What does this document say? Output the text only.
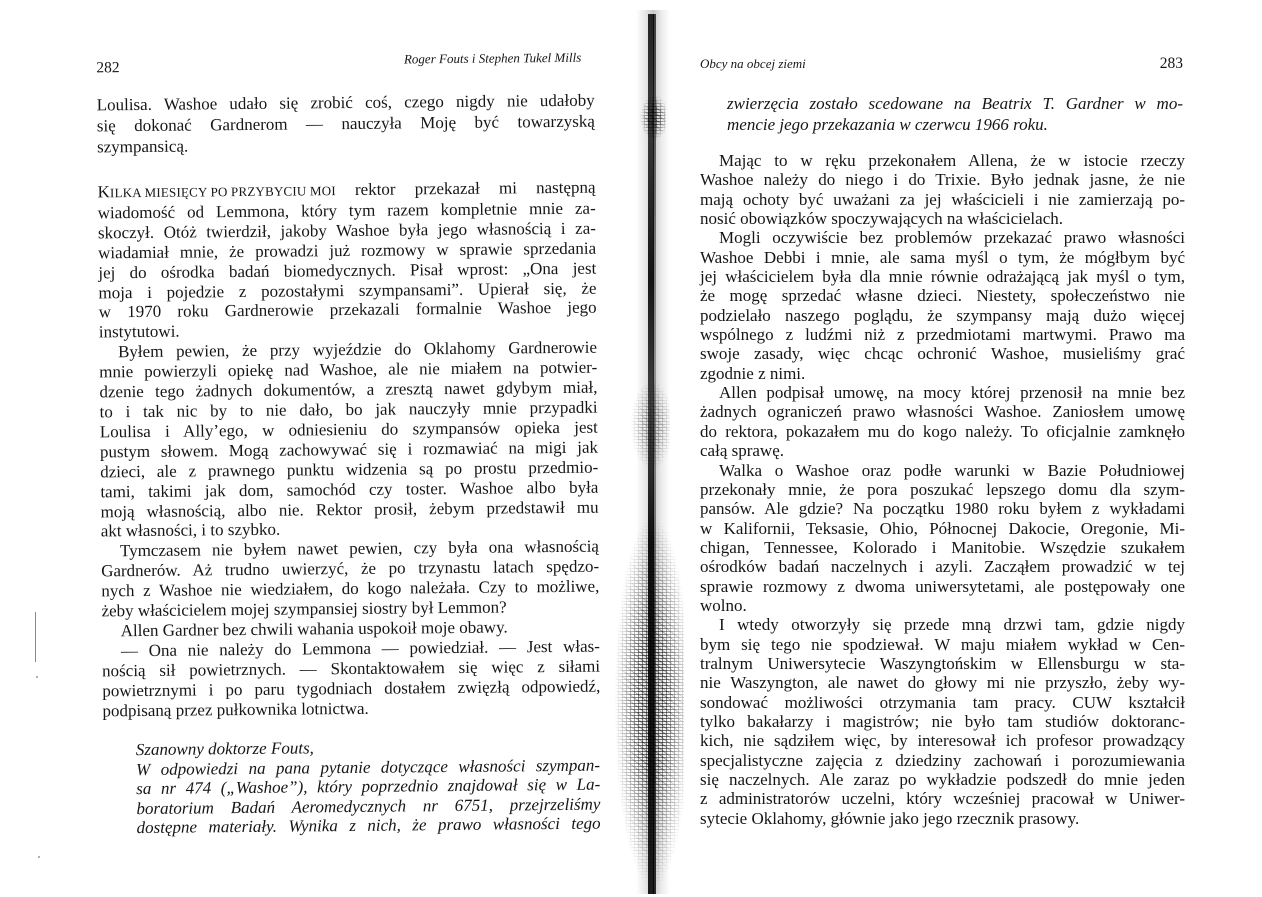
282
Roger Fouts i Stephen Tukel Mills
Loulisa. Washoe udało się zrobić coś, czego nigdy nie udałoby
się dokonać Gardnerom — nauczyła Moję być towarzyską
szympansicą.
KILKA MIESIĘCY PO PRZYBYCIU MOI rektor przekazał mi następną
wiadomość od Lemmona, który tym razem kompletnie mnie za-
skoczył. Otóż twierdził, jakoby Washoe była jego własnością i za-
wiadamiał mnie, że prowadzi już rozmowy w sprawie sprzedania
jej do ośrodka badań biomedycznych. Pisał wprost: „Ona jest
moja i pojedzie z pozostałymi szympansami”. Upierał się, że
w 1970 roku Gardnerowie przekazali formalnie Washoe jego
instytutowi.
Byłem pewien, że przy wyjeździe do Oklahomy Gardnerowie
mnie powierzyli opiekę nad Washoe, ale nie miałem na potwier-
dzenie tego żadnych dokumentów, a zresztą nawet gdybym miał,
to i tak nic by to nie dało, bo jak nauczyły mnie przypadki
Loulisa i Ally’ego, w odniesieniu do szympansów opieka jest
pustym słowem. Mogą zachowywać się i rozmawiać na migi jak
dzieci, ale z prawnego punktu widzenia są po prostu przedmio-
tami, takimi jak dom, samochód czy toster. Washoe albo była
moją własnością, albo nie. Rektor prosił, żebym przedstawił mu
akt własności, i to szybko.
Tymczasem nie byłem nawet pewien, czy była ona własnością
Gardnerów. Aż trudno uwierzyć, że po trzynastu latach spędzo-
nych z Washoe nie wiedziałem, do kogo należała. Czy to możliwe,
żeby właścicielem mojej szympansiej siostry był Lemmon?
Allen Gardner bez chwili wahania uspokoił moje obawy.
— Ona nie należy do Lemmona — powiedział. — Jest włas-
nością sił powietrznych. — Skontaktowałem się więc z siłami
powietrznymi i po paru tygodniach dostałem zwięzłą odpowiedź,
podpisaną przez pułkownika lotnictwa.
Szanowny doktorze Fouts,
W odpowiedzi na pana pytanie dotyczące własności szympan-
sa nr 474 („Washoe”), który poprzednio znajdował się w La-
boratorium Badań Aeromedycznych nr 6751, przejrzeliśmy
dostępne materiały. Wynika z nich, że prawo własności tego
Obcy na obcej ziemi	283
zwierzęcia zostało scedowane na Beatrix T. Gardner w mo-
mencie jego przekazania w czerwcu 1966 roku.
Mając to w ręku przekonałem Allena, że w istocie rzeczy
Washoe należy do niego i do Trixie. Było jednak jasne, że nie
mają ochoty być uważani za jej właścicieli i nie zamierzają po-
nosić obowiązków spoczywających na właścicielach.
Mogli oczywiście bez problemów przekazać prawo własności
Washoe Debbi i mnie, ale sama myśl o tym, że mógłbym być
jej właścicielem była dla mnie równie odrażającą jak myśl o tym,
że mogę sprzedać własne dzieci. Niestety, społeczeństwo nie
podzielało naszego poglądu, że szympansy mają dużo więcej
wspólnego z ludźmi niż z przedmiotami martwymi. Prawo ma
swoje zasady, więc chcąc ochronić Washoe, musieliśmy grać
zgodnie z nimi.
Allen podpisał umowę, na mocy której przenosił na mnie bez
żadnych ograniczeń prawo własności Washoe. Zaniosłem umowę
do rektora, pokazałem mu do kogo należy. To oficjalnie zamknęło
całą sprawę.
Walka o Washoe oraz podłe warunki w Bazie Południowej
przekonały mnie, że pora poszukać lepszego domu dla szym-
pansów. Ale gdzie? Na początku 1980 roku byłem z wykładami
w Kalifornii, Teksasie, Ohio, Północnej Dakocie, Oregonie, Mi-
chigan, Tennessee, Kolorado i Manitobie. Wszędzie szukałem
ośrodków badań naczelnych i azyli. Zacząłem prowadzić w tej
sprawie rozmowy z dwoma uniwersytetami, ale postępowały one
wolno.
I wtedy otworzyły się przede mną drzwi tam, gdzie nigdy
bym się tego nie spodziewał. W maju miałem wykład w Cen-
tralnym Uniwersytecie Waszyngtońskim w Ellensburgu w sta-
nie Waszyngton, ale nawet do głowy mi nie przyszło, żeby wy-
sondować możliwości otrzymania tam pracy. CUW kształcił
tylko bakałarzy i magistrów; nie było tam studiów doktoranc-
kich, nie sądziłem więc, by interesował ich profesor prowadzący
specjalistyczne zajęcia z dziedziny zachowań i porozumiewania
się naczelnych. Ale zaraz po wykładzie podszedł do mnie jeden
z administratorów uczelni, który wcześniej pracował w Uniwer-
sytecie Oklahomy, głównie jako jego rzecznik prasowy.
